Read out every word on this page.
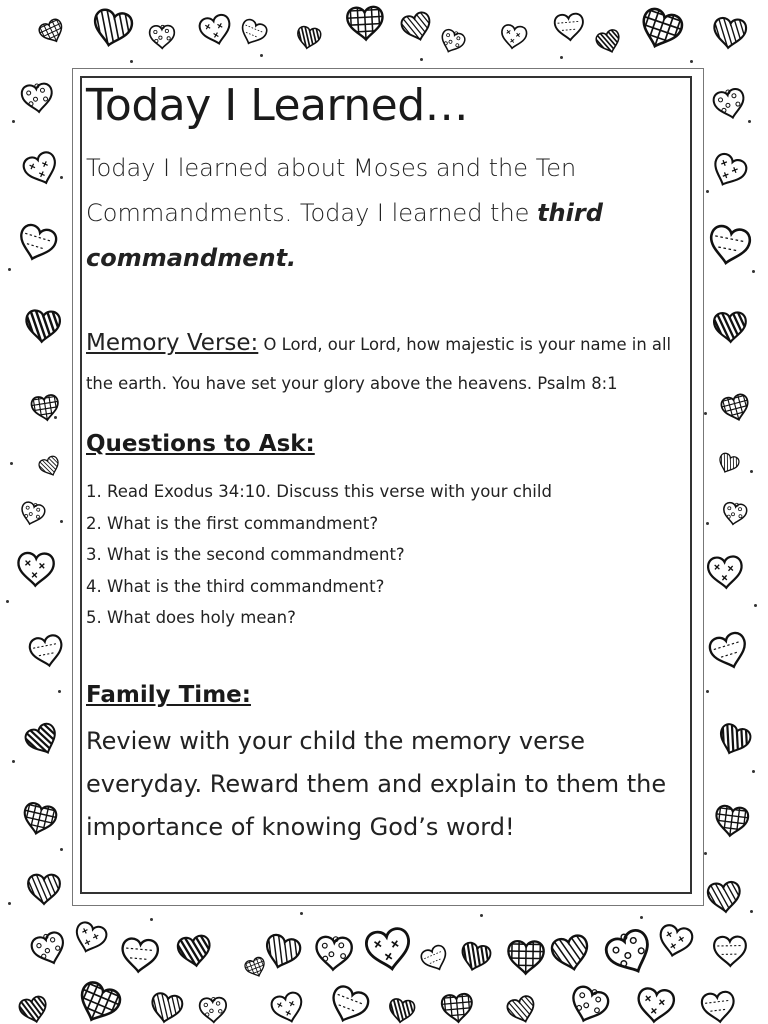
Today I Learned…

Today I learned about Moses and the Ten Commandments. Today I learned the third commandment.

Memory Verse: O Lord, our Lord, how majestic is your name in all the earth. You have set your glory above the heavens. Psalm 8:1

Questions to Ask:
1. Read Exodus 34:10. Discuss this verse with your child
2. What is the first commandment?
3. What is the second commandment?
4. What is the third commandment?
5. What does holy mean?
Family Time:

Review with your child the memory verse everyday. Reward them and explain to them the importance of knowing God’s word!
